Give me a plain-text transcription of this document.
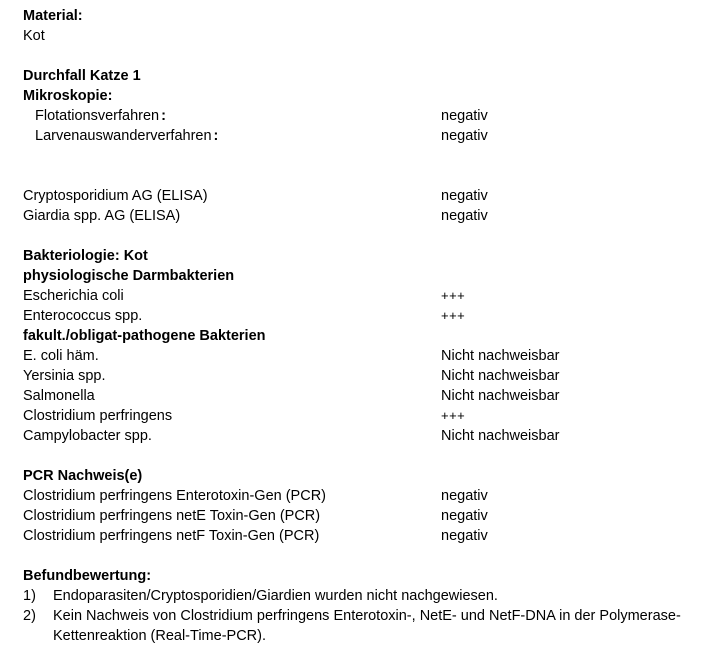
Material:
Kot
Durchfall Katze 1
Mikroskopie:
Flotationsverfahren :	negativ
Larvenauswanderverfahren :	negativ
Cryptosporidium AG (ELISA)	negativ
Giardia spp. AG (ELISA)	negativ
Bakteriologie: Kot
physiologische Darmbakterien
Escherichia coli	+++
Enterococcus spp.	+++
fakult./obligat-pathogene Bakterien
E. coli häm.	Nicht nachweisbar
Yersinia spp.	Nicht nachweisbar
Salmonella	Nicht nachweisbar
Clostridium perfringens	+++
Campylobacter spp.	Nicht nachweisbar
PCR Nachweis(e)
Clostridium perfringens Enterotoxin-Gen (PCR)	negativ
Clostridium perfringens netE Toxin-Gen (PCR)	negativ
Clostridium perfringens netF Toxin-Gen (PCR)	negativ
Befundbewertung:
1) Endoparasiten/Cryptosporidien/Giardien wurden nicht nachgewiesen.
2) Kein Nachweis von Clostridium perfringens Enterotoxin-, NetE- und NetF-DNA in der Polymerase-Kettenreaktion (Real-Time-PCR).
